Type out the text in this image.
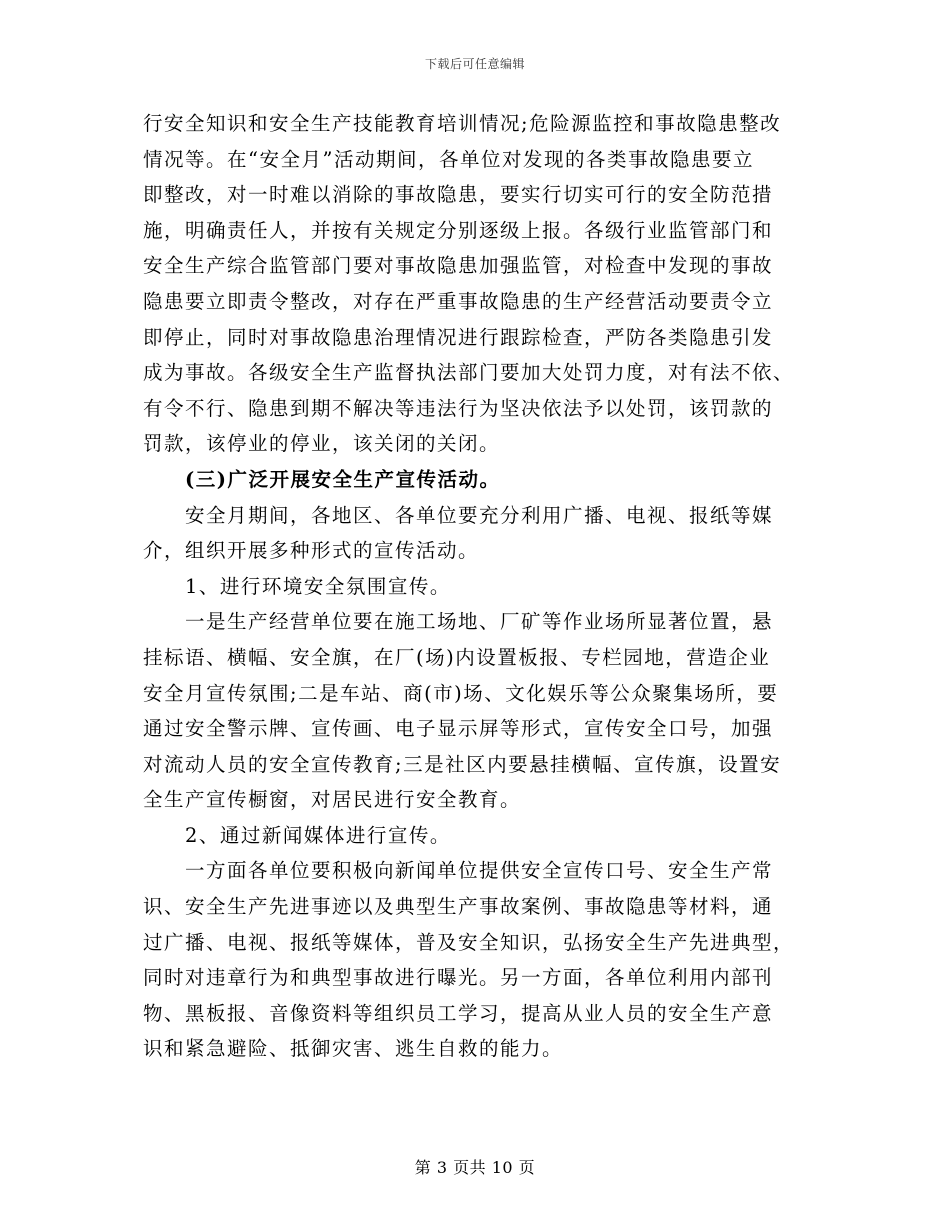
下载后可任意编辑
行安全知识和安全生产技能教育培训情况;危险源监控和事故隐患整改
情况等。在“安全月”活动期间，各单位对发现的各类事故隐患要立
即整改，对一时难以消除的事故隐患，要实行切实可行的安全防范措
施，明确责任人，并按有关规定分别逐级上报。各级行业监管部门和
安全生产综合监管部门要对事故隐患加强监管，对检查中发现的事故
隐患要立即责令整改，对存在严重事故隐患的生产经营活动要责令立
即停止，同时对事故隐患治理情况进行跟踪检查，严防各类隐患引发
成为事故。各级安全生产监督执法部门要加大处罚力度，对有法不依、
有令不行、隐患到期不解决等违法行为坚决依法予以处罚，该罚款的
罚款，该停业的停业，该关闭的关闭。
(三)广泛开展安全生产宣传活动。
安全月期间，各地区、各单位要充分利用广播、电视、报纸等媒
介，组织开展多种形式的宣传活动。
1、进行环境安全氛围宣传。
一是生产经营单位要在施工场地、厂矿等作业场所显著位置，悬
挂标语、横幅、安全旗，在厂(场)内设置板报、专栏园地，营造企业
安全月宣传氛围;二是车站、商(市)场、文化娱乐等公众聚集场所，要
通过安全警示牌、宣传画、电子显示屏等形式，宣传安全口号，加强
对流动人员的安全宣传教育;三是社区内要悬挂横幅、宣传旗，设置安
全生产宣传橱窗，对居民进行安全教育。
2、通过新闻媒体进行宣传。
一方面各单位要积极向新闻单位提供安全宣传口号、安全生产常
识、安全生产先进事迹以及典型生产事故案例、事故隐患等材料，通
过广播、电视、报纸等媒体，普及安全知识，弘扬安全生产先进典型，
同时对违章行为和典型事故进行曝光。另一方面，各单位利用内部刊
物、黑板报、音像资料等组织员工学习，提高从业人员的安全生产意
识和紧急避险、抵御灾害、逃生自救的能力。
第 3 页共 10 页
